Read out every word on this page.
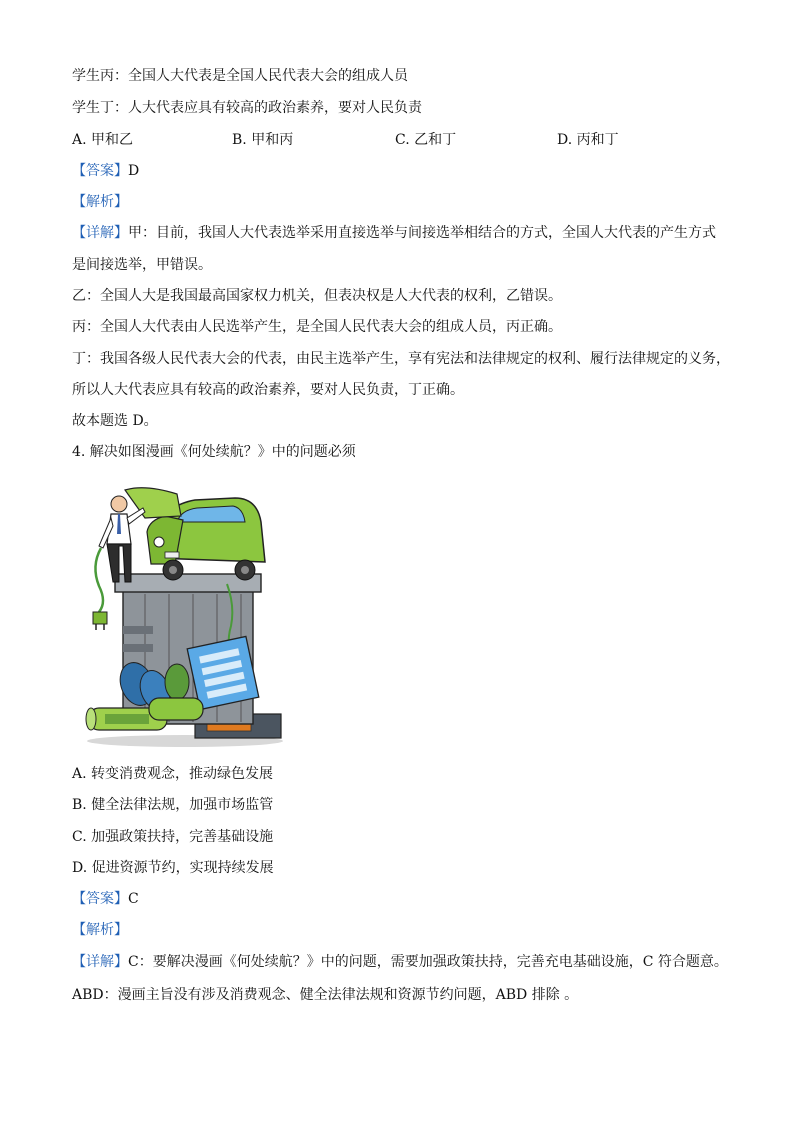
学生丙：全国人大代表是全国人民代表大会的组成人员
学生丁：人大代表应具有较高的政治素养，要对人民负责
A. 甲和乙	B. 甲和丙	C. 乙和丁	D. 丙和丁
【答案】D
【解析】
【详解】甲：目前，我国人大代表选举采用直接选举与间接选举相结合的方式，全国人大代表的产生方式
是间接选举，甲错误。
乙：全国人大是我国最高国家权力机关，但表决权是人大代表的权利，乙错误。
丙：全国人大代表由人民选举产生，是全国人民代表大会的组成人员，丙正确。
丁：我国各级人民代表大会的代表，由民主选举产生，享有宪法和法律规定的权利、履行法律规定的义务，
所以人大代表应具有较高的政治素养，要对人民负责，丁正确。
故本题选 D。
4. 解决如图漫画《何处续航？》中的问题必须
A. 转变消费观念，推动绿色发展
B. 健全法律法规，加强市场监管
C. 加强政策扶持，完善基础设施
D. 促进资源节约，实现持续发展
【答案】C
【解析】
【详解】C：要解决漫画《何处续航？》中的问题，需要加强政策扶持，完善充电基础设施，C 符合题意。
ABD：漫画主旨没有涉及消费观念、健全法律法规和资源节约问题，ABD 排除 。
